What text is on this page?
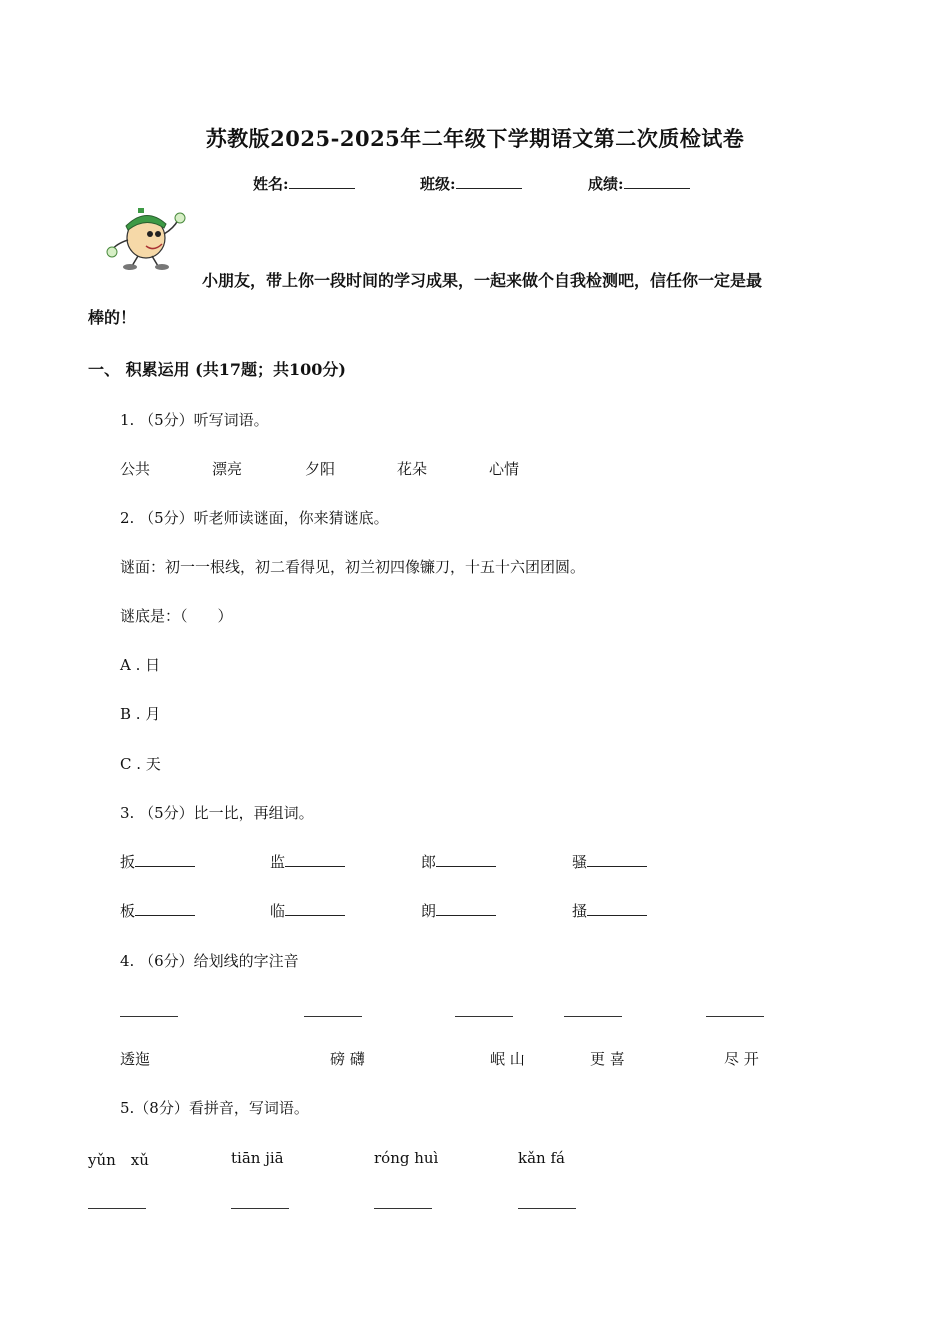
苏教版2025-2025年二年级下学期语文第二次质检试卷
姓名:	班级:	成绩:
小朋友，带上你一段时间的学习成果，一起来做个自我检测吧，信任你一定是最
棒的！
一、 积累运用 (共17题；共100分)
1. （5分）听写词语。
公共	漂亮	夕阳	花朵	心情
2. （5分）听老师读谜面，你来猜谜底。
谜面：初一一根线，初二看得见，初兰初四像镰刀，十五十六团团圆。
谜底是：（　　）
A . 日
B . 月
C . 天
3. （5分）比一比，再组词。
扳	监	郎	骚
板	临	朗	搔
4. （6分）给划线的字注音
透迤	磅 礴	岷 山	更 喜	尽 开
5.（8分）看拼音，写词语。
yǔn　xǔ	tiān jiā	róng huì	kǎn fá
